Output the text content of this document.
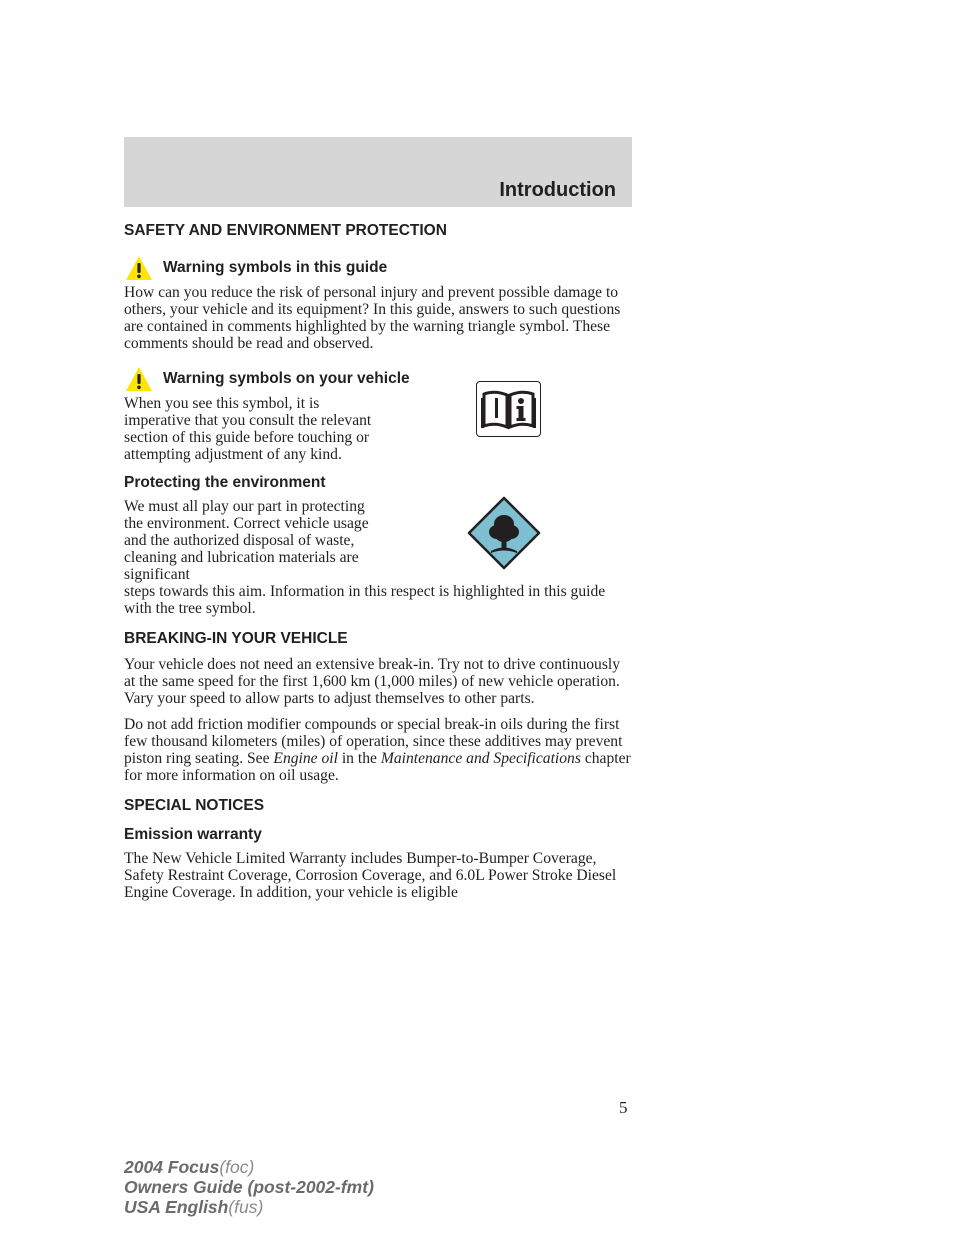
Introduction
SAFETY AND ENVIRONMENT PROTECTION
Warning symbols in this guide

How can you reduce the risk of personal injury and prevent possible damage to others, your vehicle and its equipment? In this guide, answers to such questions are contained in comments highlighted by the warning triangle symbol. These comments should be read and observed.

Warning symbols on your vehicle

When you see this symbol, it is imperative that you consult the relevant section of this guide before touching or attempting adjustment of any kind.

Protecting the environment

We must all play our part in protecting the environment. Correct vehicle usage and the authorized disposal of waste, cleaning and lubrication materials are significant

steps towards this aim. Information in this respect is highlighted in this guide with the tree symbol.

BREAKING-IN YOUR VEHICLE

Your vehicle does not need an extensive break-in. Try not to drive continuously at the same speed for the first 1,600 km (1,000 miles) of new vehicle operation. Vary your speed to allow parts to adjust themselves to other parts.

Do not add friction modifier compounds or special break-in oils during the first few thousand kilometers (miles) of operation, since these additives may prevent piston ring seating. See Engine oil in the Maintenance and Specifications chapter for more information on oil usage.

SPECIAL NOTICES
Emission warranty

The New Vehicle Limited Warranty includes Bumper-to-Bumper Coverage, Safety Restraint Coverage, Corrosion Coverage, and 6.0L Power Stroke Diesel Engine Coverage. In addition, your vehicle is eligible

5
2004 Focus(foc)
Owners Guide (post-2002-fmt)
USA English(fus)
